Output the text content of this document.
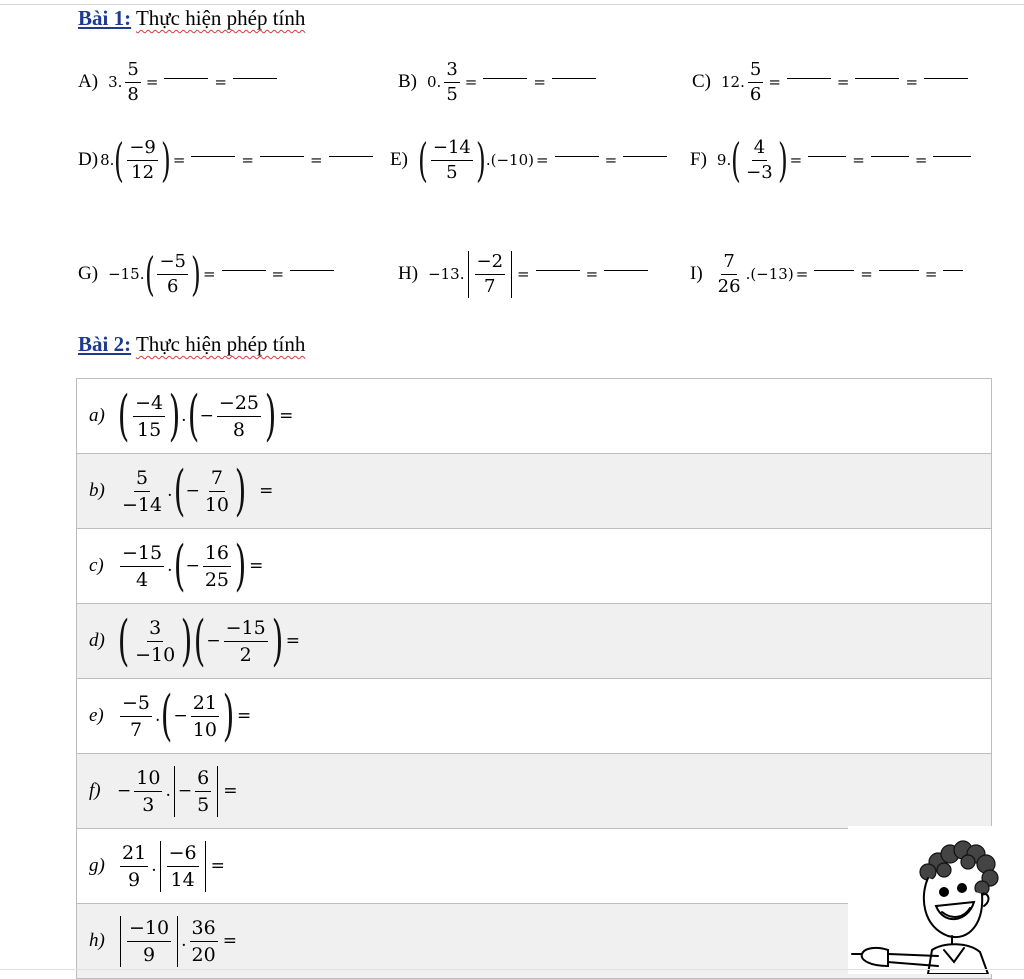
Bài 1: Thực hiện phép tính
A) 3. $\frac{5}{8}$ =	=	B) 0. $\frac{3}{5}$ =	=	C) 12. $\frac{5}{6}$ =	=	=
D) 8. ( $\frac{-9}{12}$ ) =	=	=	E) ( $\frac{-14}{5}$ ) .(−10) =	=	F) 9. ( $\frac{4}{-3}$ ) =	=	=
G) −15. ( $\frac{-5}{6}$ ) =	=	H) −13. $\frac{-2}{7}$ =	=	$I) \frac{7}{26} .(-13)$ =	=	=
Bài 2: Thực hiện phép tính
a) ( $\frac{-4}{15}$ ) . ( − $\frac{-25}{8}$ ) =
$b) \frac{5}{-14}$ . ( − $\frac{7}{10}$ ) =
$c) \frac{-15}{4}$ . ( − $\frac{16}{25}$ ) =
d) ( $\frac{3}{-10}$ ) ( − $\frac{-15}{2}$ ) =
$e) \frac{-5}{7}$ . ( − $\frac{21}{10}$ ) =
$f) - \frac{10}{3}$ . − $\frac{6}{5}$ =
$g) \frac{21}{9}$ . $\frac{-6}{14}$ =
h)	$\frac{-10}{9}$ . $\frac{36}{20}$ =
